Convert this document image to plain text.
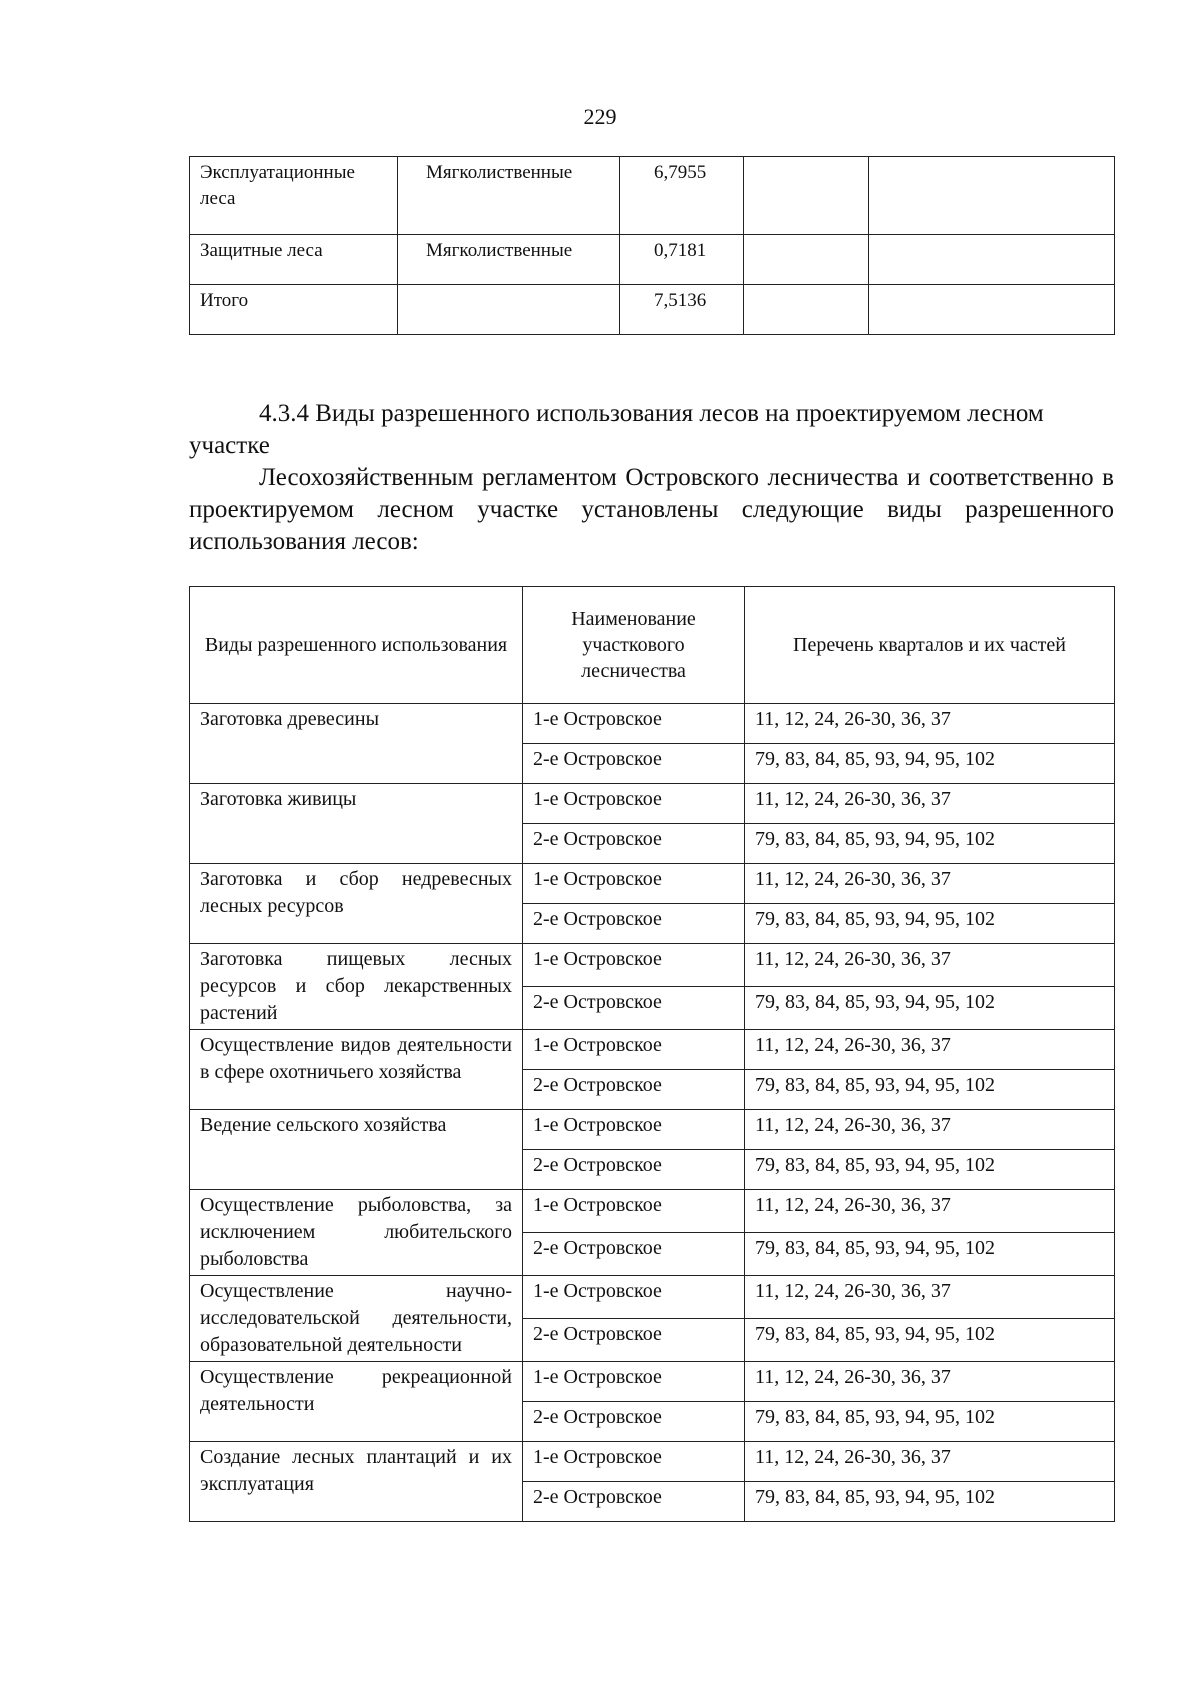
229
Эксплуатационные леса	Мягколиственные	6,7955		
Защитные леса	Мягколиственные	0,7181		
Итого		7,5136		
4.3.4 Виды разрешенного использования лесов на проектируемом лесном участке
Лесохозяйственным регламентом Островского лесничества и соответственно в проектируемом лесном участке установлены следующие виды разрешенного использования лесов:
Виды разрешенного использования	Наименование участкового лесничества	Перечень кварталов и их частей
Заготовка древесины	1-е Островское	11, 12, 24, 26-30, 36, 37
	2-е Островское	79, 83, 84, 85, 93, 94, 95, 102
Заготовка живицы	1-е Островское	11, 12, 24, 26-30, 36, 37
	2-е Островское	79, 83, 84, 85, 93, 94, 95, 102
Заготовка и сбор недревесных лесных ресурсов	1-е Островское	11, 12, 24, 26-30, 36, 37
	2-е Островское	79, 83, 84, 85, 93, 94, 95, 102
Заготовка пищевых лесных ресурсов и сбор лекарственных растений	1-е Островское	11, 12, 24, 26-30, 36, 37
	2-е Островское	79, 83, 84, 85, 93, 94, 95, 102
Осуществление видов деятельности в сфере охотничьего хозяйства	1-е Островское	11, 12, 24, 26-30, 36, 37
	2-е Островское	79, 83, 84, 85, 93, 94, 95, 102
Ведение сельского хозяйства	1-е Островское	11, 12, 24, 26-30, 36, 37
	2-е Островское	79, 83, 84, 85, 93, 94, 95, 102
Осуществление рыболовства, за исключением любительского рыболовства	1-е Островское	11, 12, 24, 26-30, 36, 37
	2-е Островское	79, 83, 84, 85, 93, 94, 95, 102
Осуществление научно-исследовательской деятельности, образовательной деятельности	1-е Островское	11, 12, 24, 26-30, 36, 37
	2-е Островское	79, 83, 84, 85, 93, 94, 95, 102
Осуществление рекреационной деятельности	1-е Островское	11, 12, 24, 26-30, 36, 37
	2-е Островское	79, 83, 84, 85, 93, 94, 95, 102
Создание лесных плантаций и их эксплуатация	1-е Островское	11, 12, 24, 26-30, 36, 37
	2-е Островское	79, 83, 84, 85, 93, 94, 95, 102
